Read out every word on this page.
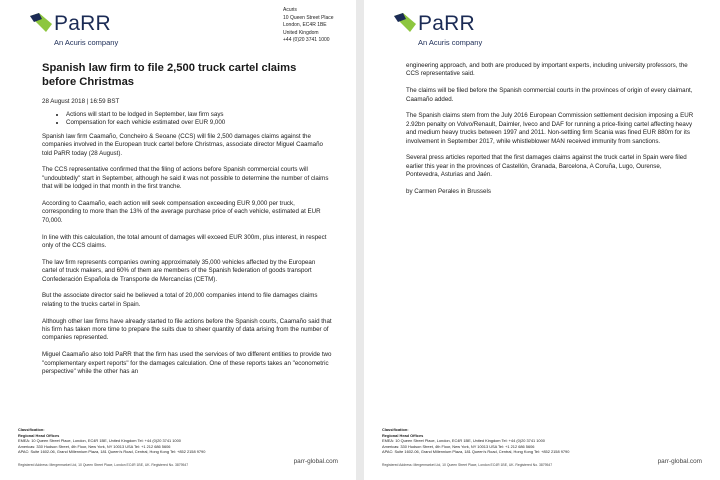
PaRR
An Acuris company
Acuris
10 Queen Street Place
London, EC4R 1BE
United Kingdom
+44 (0)20 3741 1000
Spanish law firm to file 2,500 truck cartel claims before Christmas
28 August 2018 | 16:59 BST
• Actions will start to be lodged in September, law firm says
• Compensation for each vehicle estimated over EUR 9,000

Spanish law firm Caamaño, Concheiro & Seoane (CCS) will file 2,500 damages claims against the companies involved in the European truck cartel before Christmas, associate director Miguel Caamaño told PaRR today (28 August).

The CCS representative confirmed that the filing of actions before Spanish commercial courts will "undoubtedly" start in September, although he said it was not possible to determine the number of claims that will be lodged in that month in the first tranche.

According to Caamaño, each action will seek compensation exceeding EUR 9,000 per truck, corresponding to more than the 13% of the average purchase price of each vehicle, estimated at EUR 70,000.

In line with this calculation, the total amount of damages will exceed EUR 300m, plus interest, in respect only of the CCS claims.

The law firm represents companies owning approximately 35,000 vehicles affected by the European cartel of truck makers, and 60% of them are members of the Spanish federation of goods transport Confederación Española de Transporte de Mercancías (CETM).

But the associate director said he believed a total of 20,000 companies intend to file damages claims relating to the trucks cartel in Spain.

Although other law firms have already started to file actions before the Spanish courts, Caamaño said that his firm has taken more time to prepare the suits due to sheer quantity of data arising from the number of companies represented.

Miguel Caamaño also told PaRR that the firm has used the services of two different entities to provide two "complementary expert reports" for the damages calculation. One of these reports takes an "econometric perspective" while the other has an

Classification:
Regional Head Offices
EMEA: 10 Queen Street Place, London, EC4R 1BE, United Kingdom Tel: +44 (0)20 3741 1000
Americas: 330 Hudson Street, 4th Floor, New York, NY 10013 USA Tel: +1 212 686 5606
APAC: Suite 1602-06, Grand Millennium Plaza, 181 Queen's Road, Central, Hong Kong Tel: +852 2158 9790
Registered Address: Mergermarket Ltd, 10 Queen Street Place, London EC4R 1BE, UK. Registered No. 3879547	parr-global.com
PaRR
An Acuris company

engineering approach, and both are produced by important experts, including university professors, the CCS representative said.

The claims will be filed before the Spanish commercial courts in the provinces of origin of every claimant, Caamaño added.

The Spanish claims stem from the July 2016 European Commission settlement decision imposing a EUR 2.92bn penalty on Volvo/Renault, Daimler, Iveco and DAF for running a price-fixing cartel affecting heavy and medium heavy trucks between 1997 and 2011. Non-settling firm Scania was fined EUR 880m for its involvement in September 2017, while whistleblower MAN received immunity from sanctions.

Several press articles reported that the first damages claims against the truck cartel in Spain were filed earlier this year in the provinces of Castellón, Granada, Barcelona, A Coruña, Lugo, Ourense, Pontevedra, Asturias and Jaén.

by Carmen Perales in Brussels

Classification:
Regional Head Offices
EMEA: 10 Queen Street Place, London, EC4R 1BE, United Kingdom Tel: +44 (0)20 3741 1000
Americas: 330 Hudson Street, 4th Floor, New York, NY 10013 USA Tel: +1 212 686 5606
APAC: Suite 1602-06, Grand Millennium Plaza, 181 Queen's Road, Central, Hong Kong Tel: +852 2158 9790
Registered Address: Mergermarket Ltd, 10 Queen Street Place, London EC4R 1BE, UK. Registered No. 3879547	parr-global.com
